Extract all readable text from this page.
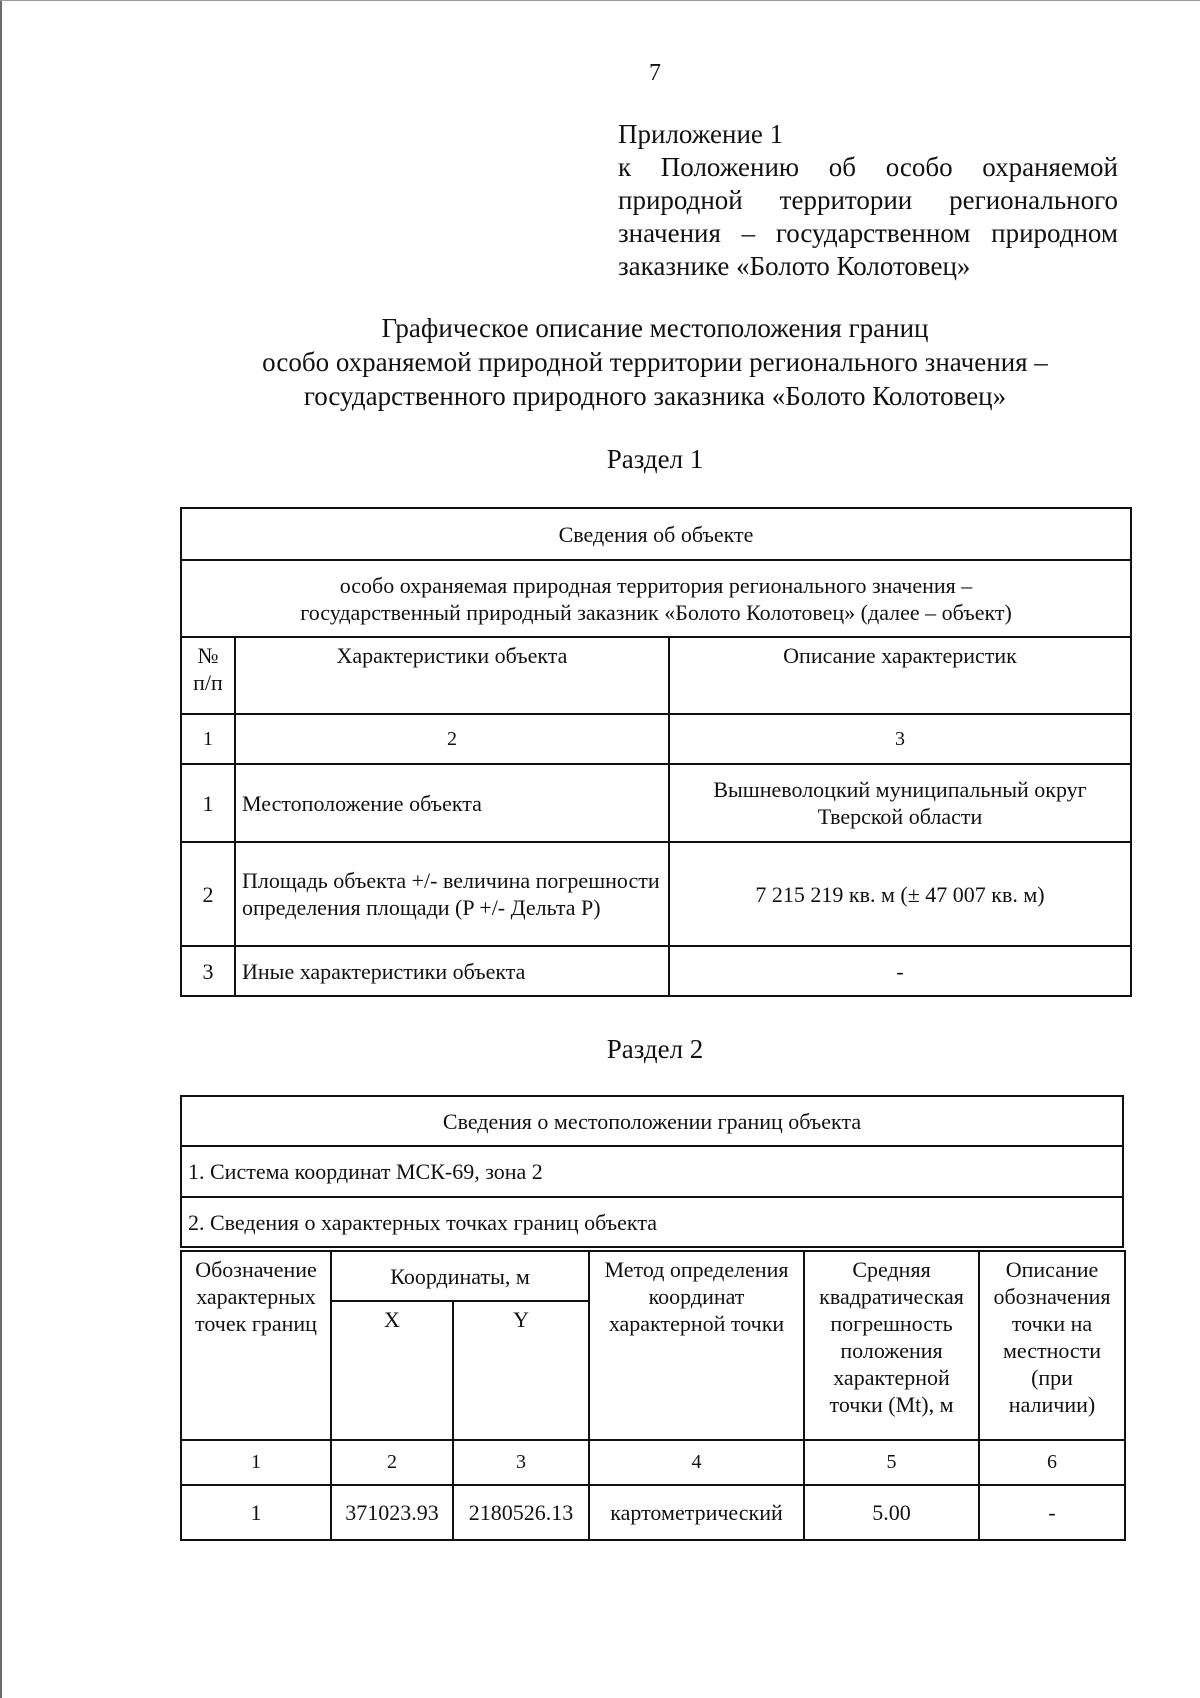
7
Приложение 1
к Положению об особо охраняемой природной территории регионального значения – государственном природном заказнике «Болото Колотовец»
Графическое описание местоположения границ
особо охраняемой природной территории регионального значения –
государственного природного заказника «Болото Колотовец»
Раздел 1
Сведения об объекте		

особо охраняемая природная территория регионального значения –
государственный природный заказник «Болото Колотовец» (далее – объект)		

№ п/п	Характеристики объекта	Описание характеристик
1	2	3
1	Местоположение объекта	Вышневолоцкий муниципальный округ Тверской области
2	Площадь объекта +/- величина погрешности определения площади (P +/- Дельта P)	7 215 219 кв. м (± 47 007 кв. м)
3	Иные характеристики объекта	-
Раздел 2
Сведения о местоположении границ объекта
1. Система координат МСК-69, зона 2
2. Сведения о характерных точках границ объекта
Обозначение характерных точек границ	Координаты, м		Метод определения координат характерной точки	Средняя квадратическая погрешность положения характерной точки (Mt), м	Описание обозначения точки на местности (при наличии)
	X	Y			
1	2	3	4	5	6
1	371023.93	2180526.13	картометрический	5.00	-
